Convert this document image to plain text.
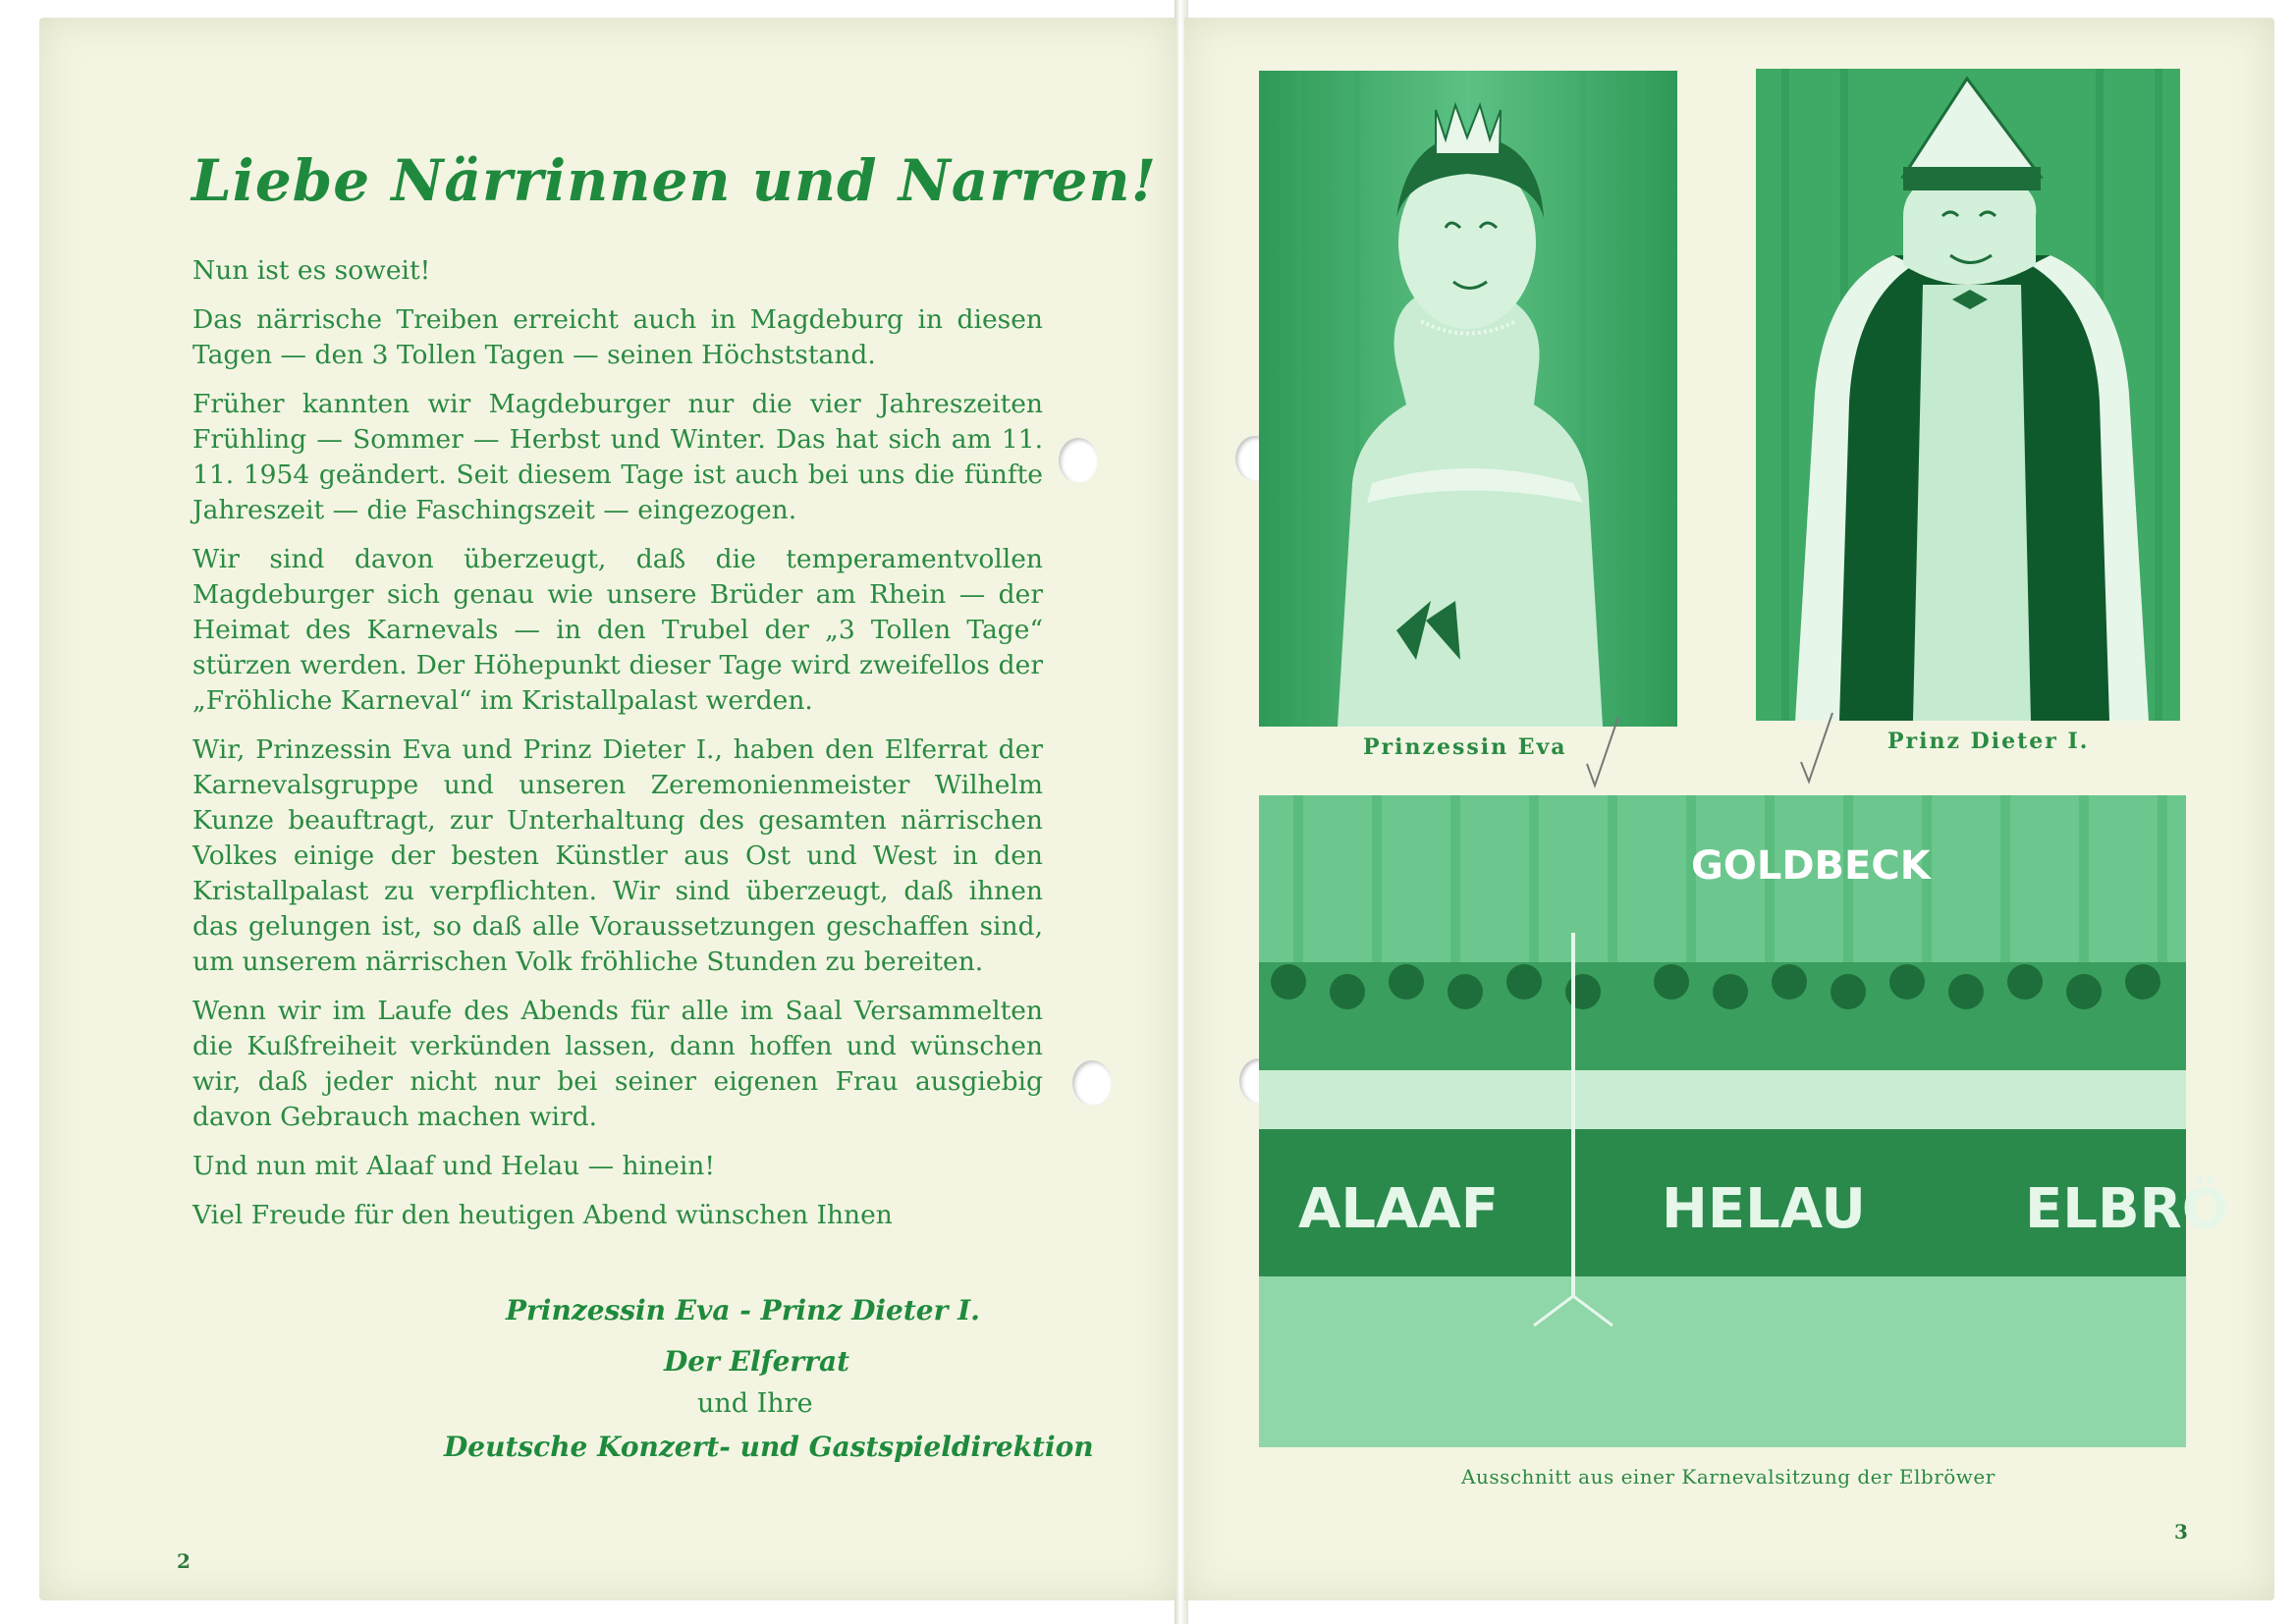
Liebe Närrinnen und Narren!

Nun ist es soweit!

Das närrische Treiben erreicht auch in Magdeburg in diesen Tagen — den 3 Tollen Tagen — seinen Höchststand.

Früher kannten wir Magdeburger nur die vier Jahreszeiten Frühling — Sommer — Herbst und Winter. Das hat sich am 11. 11. 1954 geändert. Seit diesem Tage ist auch bei uns die fünfte Jahreszeit — die Faschingszeit — eingezogen.

Wir sind davon überzeugt, daß die temperamentvollen Magdeburger sich genau wie unsere Brüder am Rhein — der Heimat des Karnevals — in den Trubel der „3 Tollen Tage“ stürzen werden. Der Höhepunkt dieser Tage wird zweifellos der „Fröhliche Karneval“ im Kristallpalast werden.

Wir, Prinzessin Eva und Prinz Dieter I., haben den Elferrat der Karnevalsgruppe und unseren Zeremonienmeister Wilhelm Kunze beauftragt, zur Unterhaltung des gesamten närrischen Volkes einige der besten Künstler aus Ost und West in den Kristallpalast zu verpflichten. Wir sind überzeugt, daß ihnen das gelungen ist, so daß alle Voraussetzungen geschaffen sind, um unserem närrischen Volk fröhliche Stunden zu bereiten.

Wenn wir im Laufe des Abends für alle im Saal Versammelten die Kußfreiheit verkünden lassen, dann hoffen und wünschen wir, daß jeder nicht nur bei seiner eigenen Frau ausgiebig davon Gebrauch machen wird.

Und nun mit Alaaf und Helau — hinein!

Viel Freude für den heutigen Abend wünschen Ihnen

Prinzessin Eva - Prinz Dieter I.
Der Elferrat
und Ihre
Deutsche Konzert- und Gastspieldirektion
2
Prinzessin Eva	Prinz Dieter I.
GOLDBECK
ALAAF	HELAU	ELBRÖ
Ausschnitt aus einer Karnevalsitzung der Elbröwer
3
